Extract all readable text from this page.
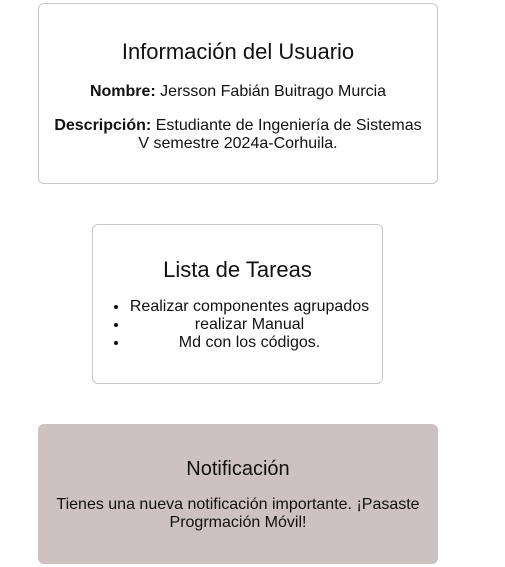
Información del Usuario

Nombre: Jersson Fabián Buitrago Murcia

Descripción: Estudiante de Ingeniería de Sistemas V semestre 2024a-Corhuila.

Lista de Tareas
• Realizar componentes agrupados
• realizar Manual
• Md con los códigos.
Notificación

Tienes una nueva notificación importante. ¡Pasaste Progrmación Móvil!
